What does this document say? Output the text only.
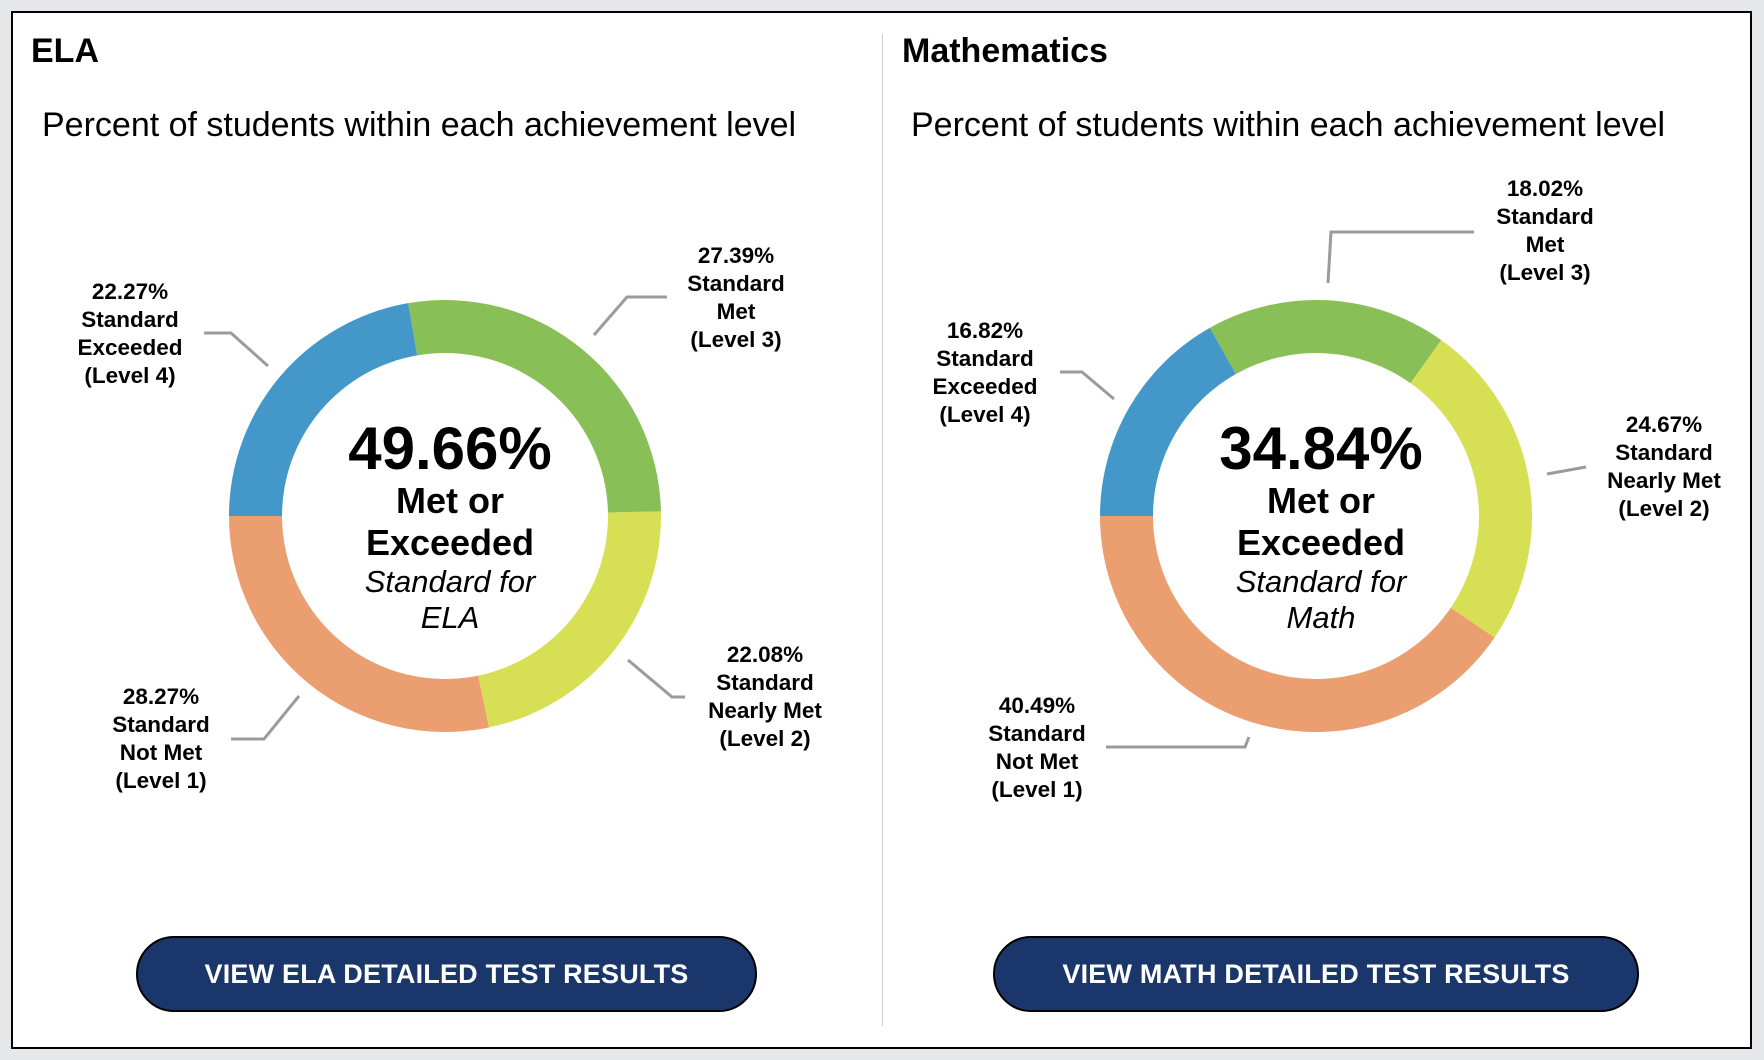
ELA
Percent of students within each achievement level
Mathematics
Percent of students within each achievement level
22.27%
Standard
Exceeded
(Level 4)
27.39%
Standard
Met
(Level 3)
22.08%
Standard
Nearly Met
(Level 2)
28.27%
Standard
Not Met
(Level 1)
16.82%
Standard
Exceeded
(Level 4)
18.02%
Standard
Met
(Level 3)
24.67%
Standard
Nearly Met
(Level 2)
40.49%
Standard
Not Met
(Level 1)
49.66%
Met or
Exceeded
Standard for
ELA
34.84%
Met or
Exceeded
Standard for
Math
VIEW ELA DETAILED TEST RESULTS	VIEW MATH DETAILED TEST RESULTS
